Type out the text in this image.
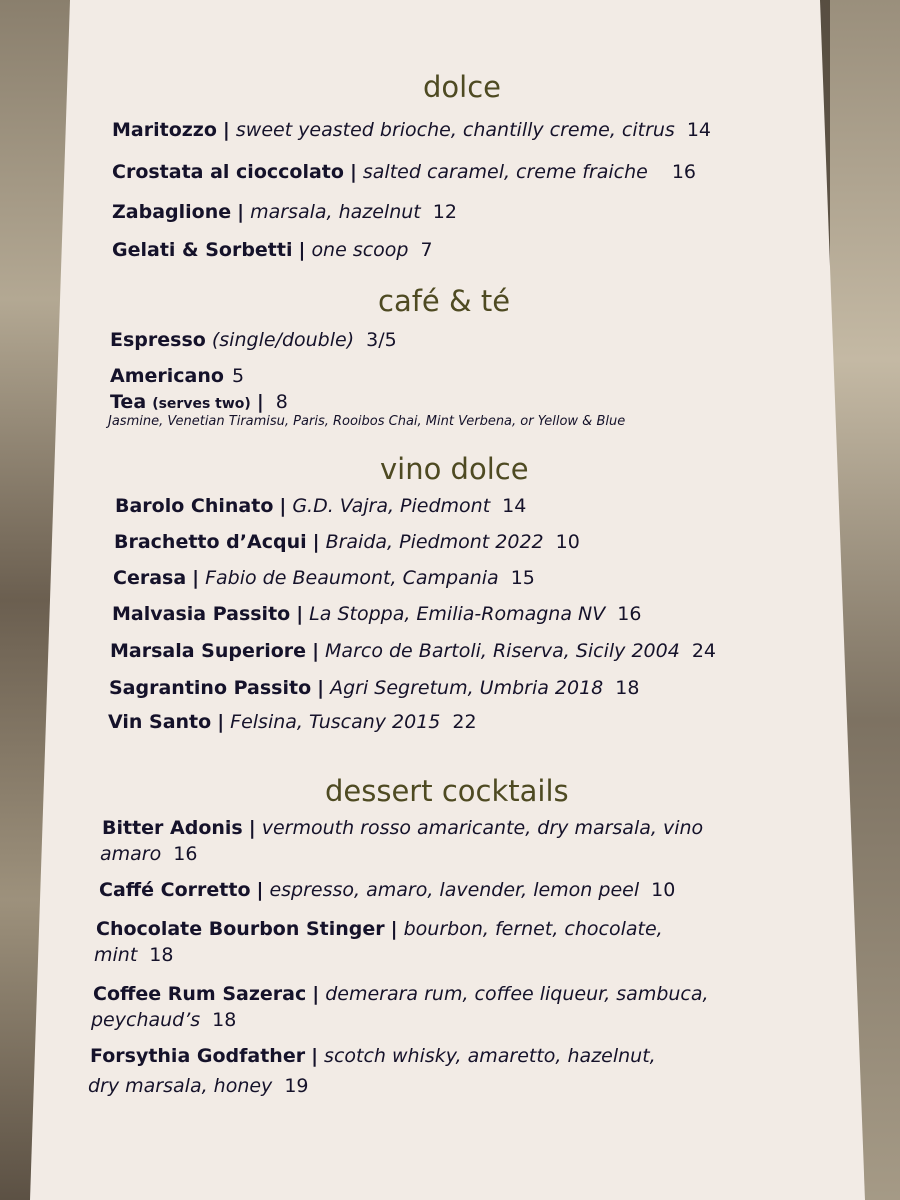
dolce
Maritozzo | sweet yeasted brioche, chantilly creme, citrus 14
Crostata al cioccolato | salted caramel, creme fraiche 16
Zabaglione | marsala, hazelnut 12
Gelati & Sorbetti | one scoop 7
café & té
Espresso (single/double) 3/5
Americano 5
Tea (serves two) | 8
Jasmine, Venetian Tiramisu, Paris, Rooibos Chai, Mint Verbena, or Yellow & Blue
vino dolce
Barolo Chinato | G.D. Vajra, Piedmont 14
Brachetto d’Acqui | Braida, Piedmont 2022 10
Cerasa | Fabio de Beaumont, Campania 15
Malvasia Passito | La Stoppa, Emilia-Romagna NV 16
Marsala Superiore | Marco de Bartoli, Riserva, Sicily 2004 24
Sagrantino Passito | Agri Segretum, Umbria 2018 18
Vin Santo | Felsina, Tuscany 2015 22
dessert cocktails
Bitter Adonis | vermouth rosso amaricante, dry marsala, vino
amaro 16
Caffé Corretto | espresso, amaro, lavender, lemon peel 10
Chocolate Bourbon Stinger | bourbon, fernet, chocolate,
mint 18
Coffee Rum Sazerac | demerara rum, coffee liqueur, sambuca,
peychaud’s 18
Forsythia Godfather | scotch whisky, amaretto, hazelnut,
dry marsala, honey 19
